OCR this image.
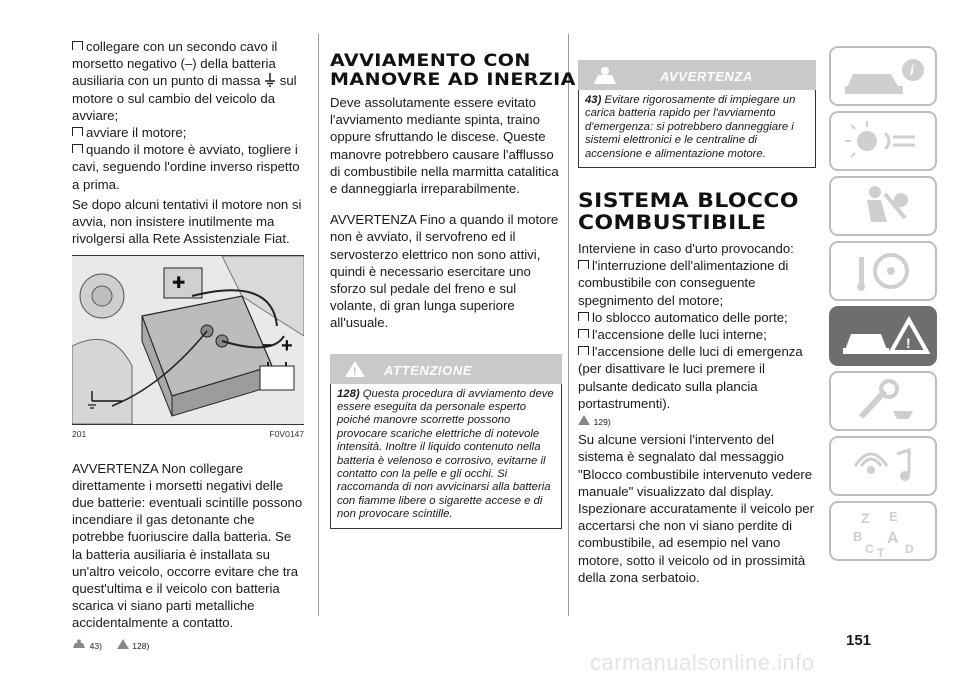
collegare con un secondo cavo il morsetto negativo (–) della batteria ausiliaria con un punto di massa sul motore o sul cambio del veicolo da avviare;
avviare il motore;
quando il motore è avviato, togliere i cavi, seguendo l'ordine inverso rispetto a prima.

Se dopo alcuni tentativi il motore non si avvia, non insistere inutilmente ma rivolgersi alla Rete Assistenziale Fiat.

✚
– +
201	F0V0147

AVVERTENZA Non collegare direttamente i morsetti negativi delle due batterie: eventuali scintille possono incendiare il gas detonante che potrebbe fuoriuscire dalla batteria. Se la batteria ausiliaria è installata su un'altro veicolo, occorre evitare che tra quest'ultima e il veicolo con batteria scarica vi siano parti metalliche accidentalmente a contatto.

43)	128)
AVVIAMENTO CON MANOVRE AD INERZIA

Deve assolutamente essere evitato l'avviamento mediante spinta, traino oppure sfruttando le discese. Queste manovre potrebbero causare l'afflusso di combustibile nella marmitta catalitica e danneggiarla irreparabilmente.

AVVERTENZA Fino a quando il motore non è avviato, il servofreno ed il servosterzo elettrico non sono attivi, quindi è necessario esercitare uno sforzo sul pedale del freno e sul volante, di gran lunga superiore all'usuale.

! ATTENZIONE
128) Questa procedura di avviamento deve essere eseguita da personale esperto poiché manovre scorrette possono provocare scariche elettriche di notevole intensità. Inoltre il liquido contenuto nella batteria è velenoso e corrosivo, evitarne il contatto con la pelle e gli occhi. Si raccomanda di non avvicinarsi alla batteria con fiamme libere o sigarette accese e di non provocare scintille.
AVVERTENZA
43) Evitare rigorosamente di impiegare un carica batteria rapido per l'avviamento d'emergenza: si potrebbero danneggiare i sistemi elettronici e le centraline di accensione e alimentazione motore.
SISTEMA BLOCCO COMBUSTIBILE

Interviene in caso d'urto provocando:

l'interruzione dell'alimentazione di combustibile con conseguente spegnimento del motore;
lo sblocco automatico delle porte;
l'accensione delle luci interne;
l'accensione delle luci di emergenza (per disattivare le luci premere il pulsante dedicato sulla plancia portastrumenti).
129)

Su alcune versioni l'intervento del sistema è segnalato dal messaggio "Blocco combustibile intervenuto vedere manuale" visualizzato dal display.

Ispezionare accuratamente il veicolo per accertarsi che non vi siano perdite di combustibile, ad esempio nel vano motore, sotto il veicolo od in prossimità della zona serbatoio.

i
!
Z E
B A
C T D
151
carmanualsonline.info
